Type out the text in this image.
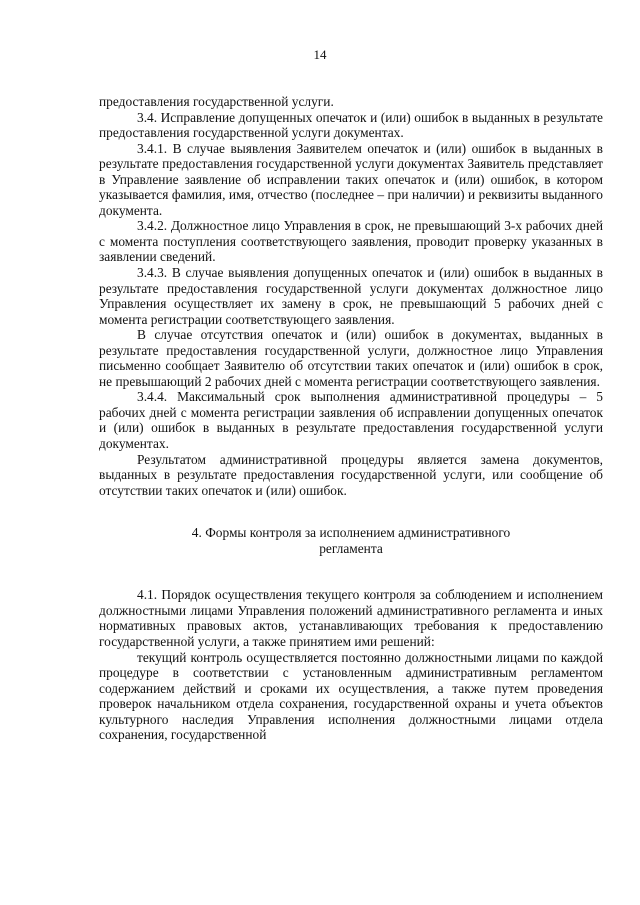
14

предоставления государственной услуги.

3.4. Исправление допущенных опечаток и (или) ошибок в выданных в результате предоставления государственной услуги документах.

3.4.1. В случае выявления Заявителем опечаток и (или) ошибок в выданных в результате предоставления государственной услуги документах Заявитель представляет в Управление заявление об исправлении таких опечаток и (или) ошибок, в котором указывается фамилия, имя, отчество (последнее – при наличии) и реквизиты выданного документа.

3.4.2. Должностное лицо Управления в срок, не превышающий 3-х рабочих дней с момента поступления соответствующего заявления, проводит проверку указанных в заявлении сведений.

3.4.3. В случае выявления допущенных опечаток и (или) ошибок в выданных в результате предоставления государственной услуги документах должностное лицо Управления осуществляет их замену в срок, не превышающий 5 рабочих дней с момента регистрации соответствующего заявления.

В случае отсутствия опечаток и (или) ошибок в документах, выданных в результате предоставления государственной услуги, должностное лицо Управления письменно сообщает Заявителю об отсутствии таких опечаток и (или) ошибок в срок, не превышающий 2 рабочих дней с момента регистрации соответствующего заявления.

3.4.4. Максимальный срок выполнения административной процедуры – 5 рабочих дней с момента регистрации заявления об исправлении допущенных опечаток и (или) ошибок в выданных в результате предоставления государственной услуги документах.

Результатом административной процедуры является замена документов, выданных в результате предоставления государственной услуги, или сообщение об отсутствии таких опечаток и (или) ошибок.

4. Формы контроля за исполнением административного
регламента

4.1. Порядок осуществления текущего контроля за соблюдением и исполнением должностными лицами Управления положений административного регламента и иных нормативных правовых актов, устанавливающих требования к предоставлению государственной услуги, а также принятием ими решений:

текущий контроль осуществляется постоянно должностными лицами по каждой процедуре в соответствии с установленным административным регламентом содержанием действий и сроками их осуществления, а также путем проведения проверок начальником отдела сохранения, государственной охраны и учета объектов культурного наследия Управления исполнения должностными лицами отдела сохранения, государственной
